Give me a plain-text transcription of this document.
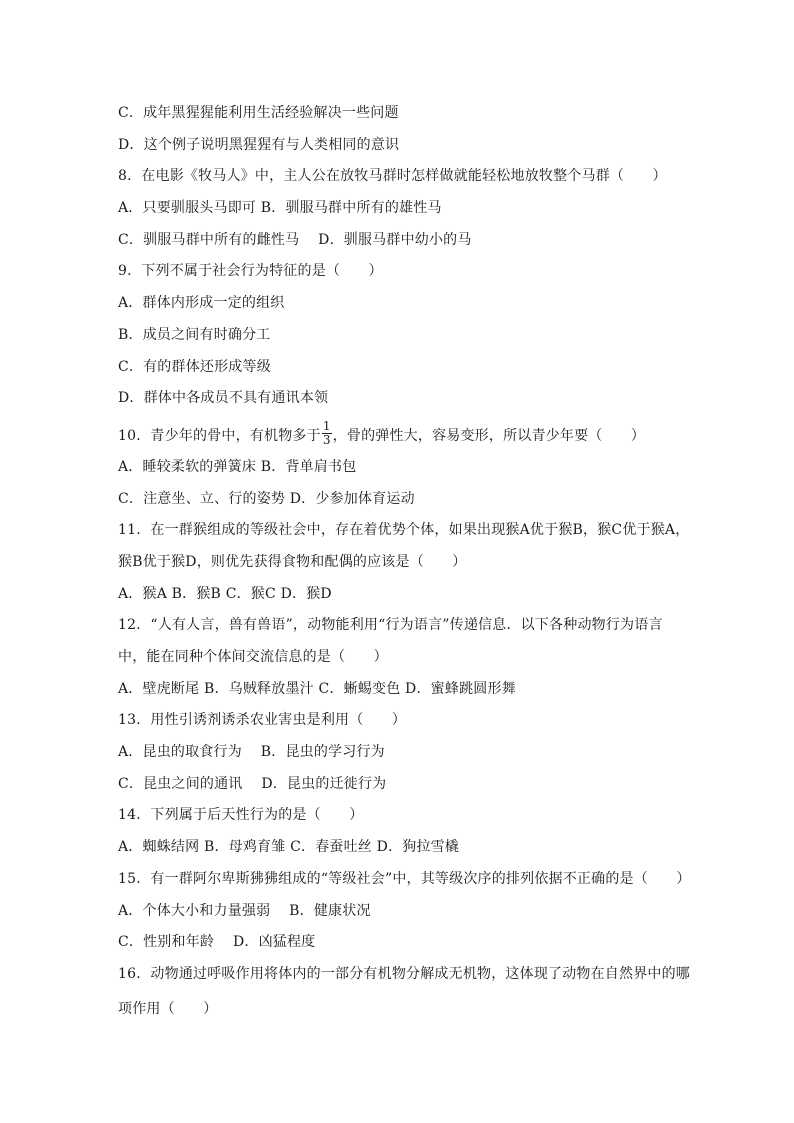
C．成年黑猩猩能利用生活经验解决一些问题
D．这个例子说明黑猩猩有与人类相同的意识
8．在电影《牧马人》中，主人公在放牧马群时怎样做就能轻松地放牧整个马群（　　）
A．只要驯服头马即可 B．驯服马群中所有的雄性马
C．驯服马群中所有的雌性马　 D．驯服马群中幼小的马
9．下列不属于社会行为特征的是（　　）
A．群体内形成一定的组织
B．成员之间有时确分工
C．有的群体还形成等级
D．群体中各成员不具有通讯本领
10．青少年的骨中，有机物多于 $\frac{1}{3}$ ，骨的弹性大，容易变形，所以青少年要（　　）
A．睡较柔软的弹簧床 B．背单肩书包
C．注意坐、立、行的姿势 D．少参加体育运动
11．在一群猴组成的等级社会中，存在着优势个体，如果出现猴A优于猴B，猴C优于猴A，
猴B优于猴D，则优先获得食物和配偶的应该是（　　）
A．猴A B．猴B C．猴C D．猴D
12．“人有人言，兽有兽语”，动物能利用“行为语言”传递信息．以下各种动物行为语言
中，能在同种个体间交流信息的是（　　）
A．壁虎断尾 B．乌贼释放墨汁 C．蜥蜴变色 D．蜜蜂跳圆形舞
13．用性引诱剂诱杀农业害虫是利用（　　）
A．昆虫的取食行为　 B．昆虫的学习行为
C．昆虫之间的通讯　 D．昆虫的迁徙行为
14．下列属于后天性行为的是（　　）
A．蜘蛛结网 B．母鸡育雏 C．春蚕吐丝 D．狗拉雪橇
15．有一群阿尔卑斯狒狒组成的“等级社会”中，其等级次序的排列依据不正确的是（　　）
A．个体大小和力量强弱　 B．健康状况
C．性别和年龄　 D．凶猛程度
16．动物通过呼吸作用将体内的一部分有机物分解成无机物，这体现了动物在自然界中的哪
项作用（　　）
